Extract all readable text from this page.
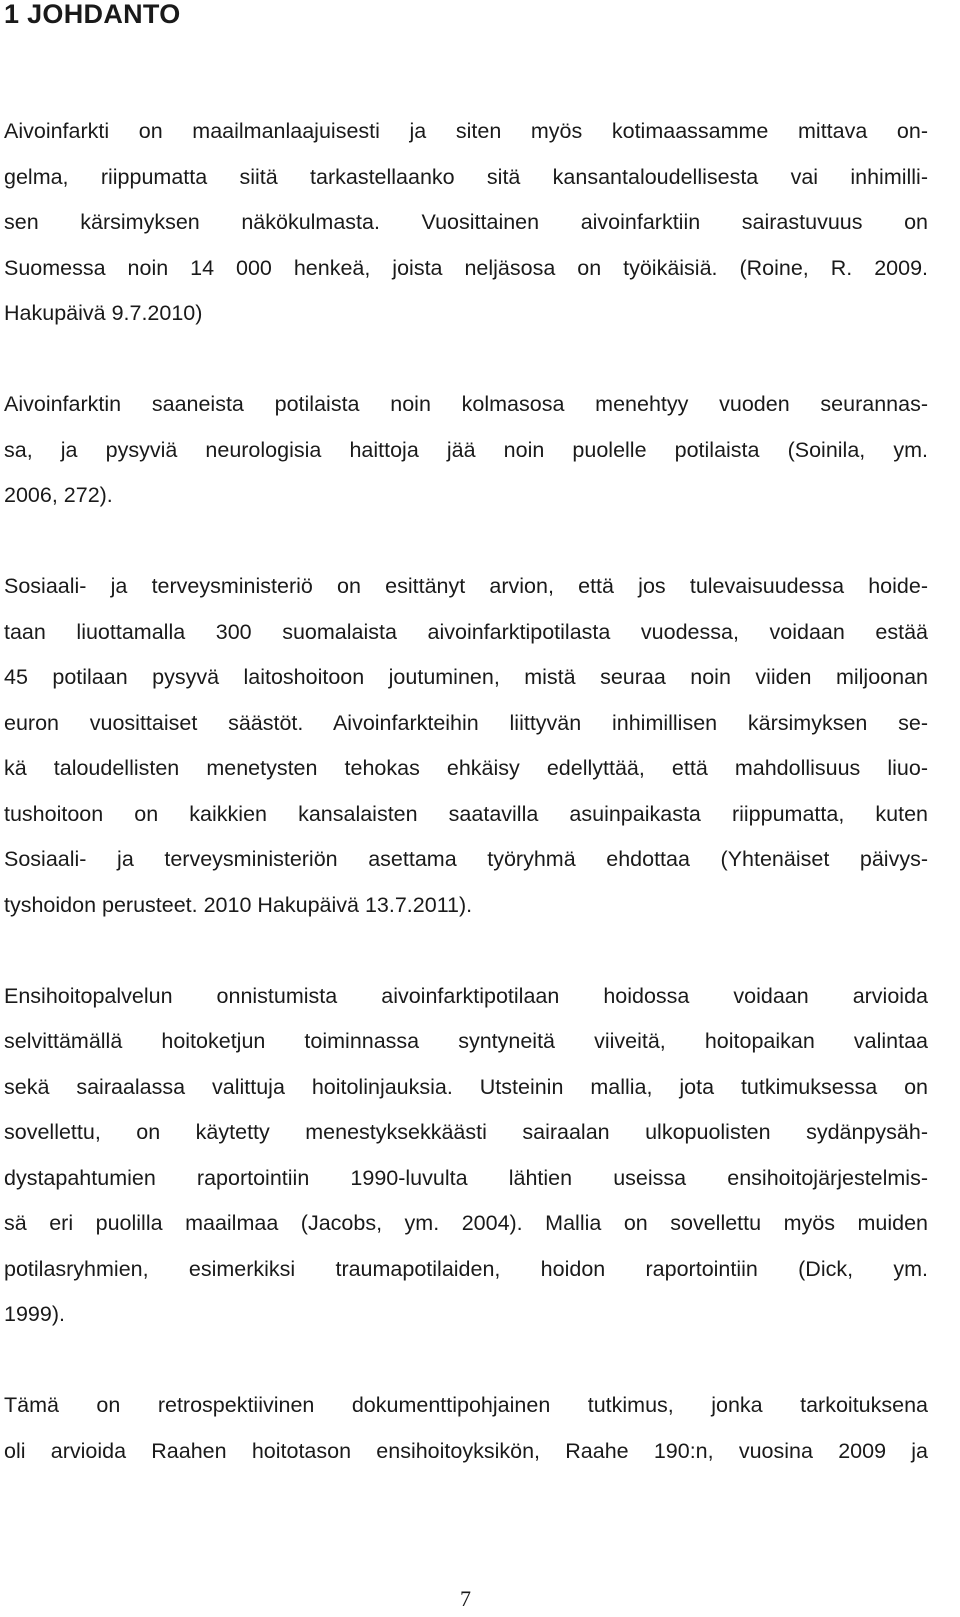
1 JOHDANTO

Aivoinfarkti on maailmanlaajuisesti ja siten myös kotimaassamme mittava on-

gelma, riippumatta siitä tarkastellaanko sitä kansantaloudellisesta vai inhimilli-

sen kärsimyksen näkökulmasta. Vuosittainen aivoinfarktiin sairastuvuus on

Suomessa noin 14 000 henkeä, joista neljäsosa on työikäisiä. (Roine, R. 2009.

Hakupäivä 9.7.2010)

Aivoinfarktin saaneista potilaista noin kolmasosa menehtyy vuoden seurannas-

sa, ja pysyviä neurologisia haittoja jää noin puolelle potilaista (Soinila, ym.

2006, 272).

Sosiaali- ja terveysministeriö on esittänyt arvion, että jos tulevaisuudessa hoide-

taan liuottamalla 300 suomalaista aivoinfarktipotilasta vuodessa, voidaan estää

45 potilaan pysyvä laitoshoitoon joutuminen, mistä seuraa noin viiden miljoonan

euron vuosittaiset säästöt. Aivoinfarkteihin liittyvän inhimillisen kärsimyksen se-

kä taloudellisten menetysten tehokas ehkäisy edellyttää, että mahdollisuus liuo-

tushoitoon on kaikkien kansalaisten saatavilla asuinpaikasta riippumatta, kuten

Sosiaali- ja terveysministeriön asettama työryhmä ehdottaa (Yhtenäiset päivys-

tyshoidon perusteet. 2010 Hakupäivä 13.7.2011).

Ensihoitopalvelun onnistumista aivoinfarktipotilaan hoidossa voidaan arvioida

selvittämällä hoitoketjun toiminnassa syntyneitä viiveitä, hoitopaikan valintaa

sekä sairaalassa valittuja hoitolinjauksia. Utsteinin mallia, jota tutkimuksessa on

sovellettu, on käytetty menestyksekkäästi sairaalan ulkopuolisten sydänpysäh-

dystapahtumien raportointiin 1990-luvulta lähtien useissa ensihoitojärjestelmis-

sä eri puolilla maailmaa (Jacobs, ym. 2004). Mallia on sovellettu myös muiden

potilasryhmien, esimerkiksi traumapotilaiden, hoidon raportointiin (Dick, ym.

1999).

Tämä on retrospektiivinen dokumenttipohjainen tutkimus, jonka tarkoituksena

oli arvioida Raahen hoitotason ensihoitoyksikön, Raahe 190:n, vuosina 2009 ja

7
